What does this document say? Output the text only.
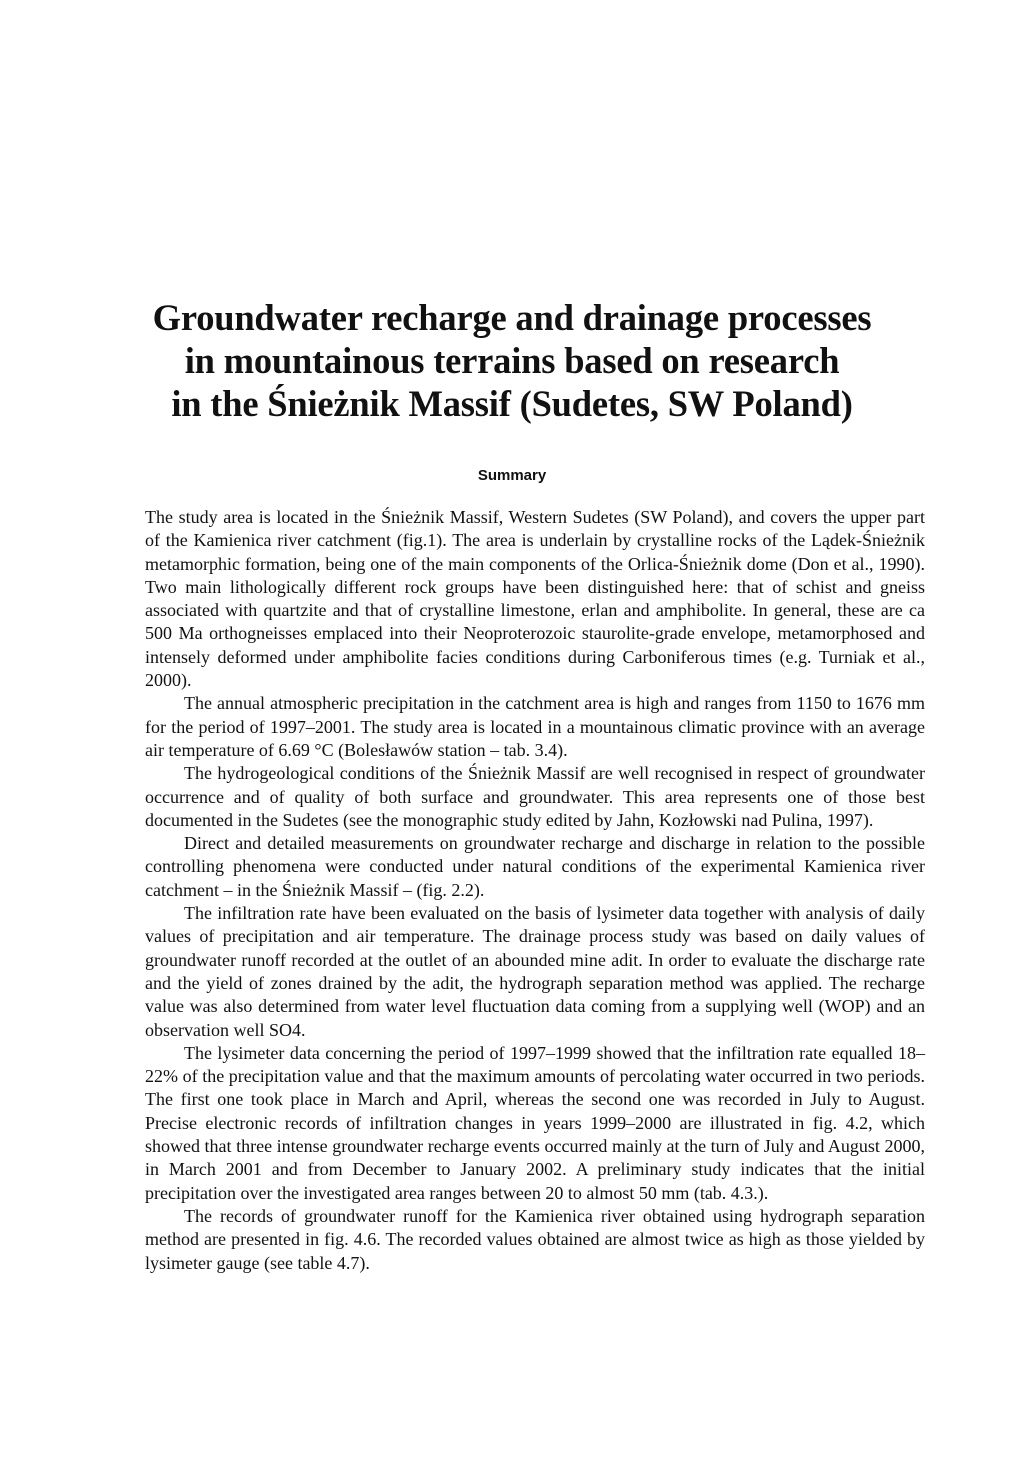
Groundwater recharge and drainage processes
in mountainous terrains based on research
in the Śnieżnik Massif (Sudetes, SW Poland)
Summary

The study area is located in the Śnieżnik Massif, Western Sudetes (SW Poland), and covers the upper part of the Kamienica river catchment (fig.1). The area is underlain by crystalline rocks of the Lądek-Śnieżnik metamorphic formation, being one of the main components of the Orlica-Śnieżnik dome (Don et al., 1990). Two main lithologically different rock groups have been distinguished here: that of schist and gneiss associated with quartzite and that of crystalline limestone, erlan and amphibolite. In general, these are ca 500 Ma orthogneisses emplaced into their Neoproterozoic staurolite-grade envelope, metamorphosed and intensely deformed under amphibolite facies conditions during Carboniferous times (e.g. Turniak et al., 2000).

The annual atmospheric precipitation in the catchment area is high and ranges from 1150 to 1676 mm for the period of 1997–2001. The study area is located in a mountainous climatic province with an average air temperature of 6.69 °C (Bolesławów station – tab. 3.4).

The hydrogeological conditions of the Śnieżnik Massif are well recognised in respect of groundwater occurrence and of quality of both surface and groundwater. This area represents one of those best documented in the Sudetes (see the monographic study edited by Jahn, Kozłowski nad Pulina, 1997).

Direct and detailed measurements on groundwater recharge and discharge in relation to the possible controlling phenomena were conducted under natural conditions of the experimental Kamienica river catchment – in the Śnieżnik Massif – (fig. 2.2).

The infiltration rate have been evaluated on the basis of lysimeter data together with analysis of daily values of precipitation and air temperature. The drainage process study was based on daily values of groundwater runoff recorded at the outlet of an abounded mine adit. In order to evaluate the discharge rate and the yield of zones drained by the adit, the hydrograph separation method was applied. The recharge value was also determined from water level fluctuation data coming from a supplying well (WOP) and an observation well SO4.

The lysimeter data concerning the period of 1997–1999 showed that the infiltration rate equalled 18–22% of the precipitation value and that the maximum amounts of percolating water occurred in two periods. The first one took place in March and April, whereas the second one was recorded in July to August. Precise electronic records of infiltration changes in years 1999–2000 are illustrated in fig. 4.2, which showed that three intense groundwater recharge events occurred mainly at the turn of July and August 2000, in March 2001 and from December to January 2002. A preliminary study indicates that the initial precipitation over the investigated area ranges between 20 to almost 50 mm (tab. 4.3.).

The records of groundwater runoff for the Kamienica river obtained using hydrograph separation method are presented in fig. 4.6. The recorded values obtained are almost twice as high as those yielded by lysimeter gauge (see table 4.7).
